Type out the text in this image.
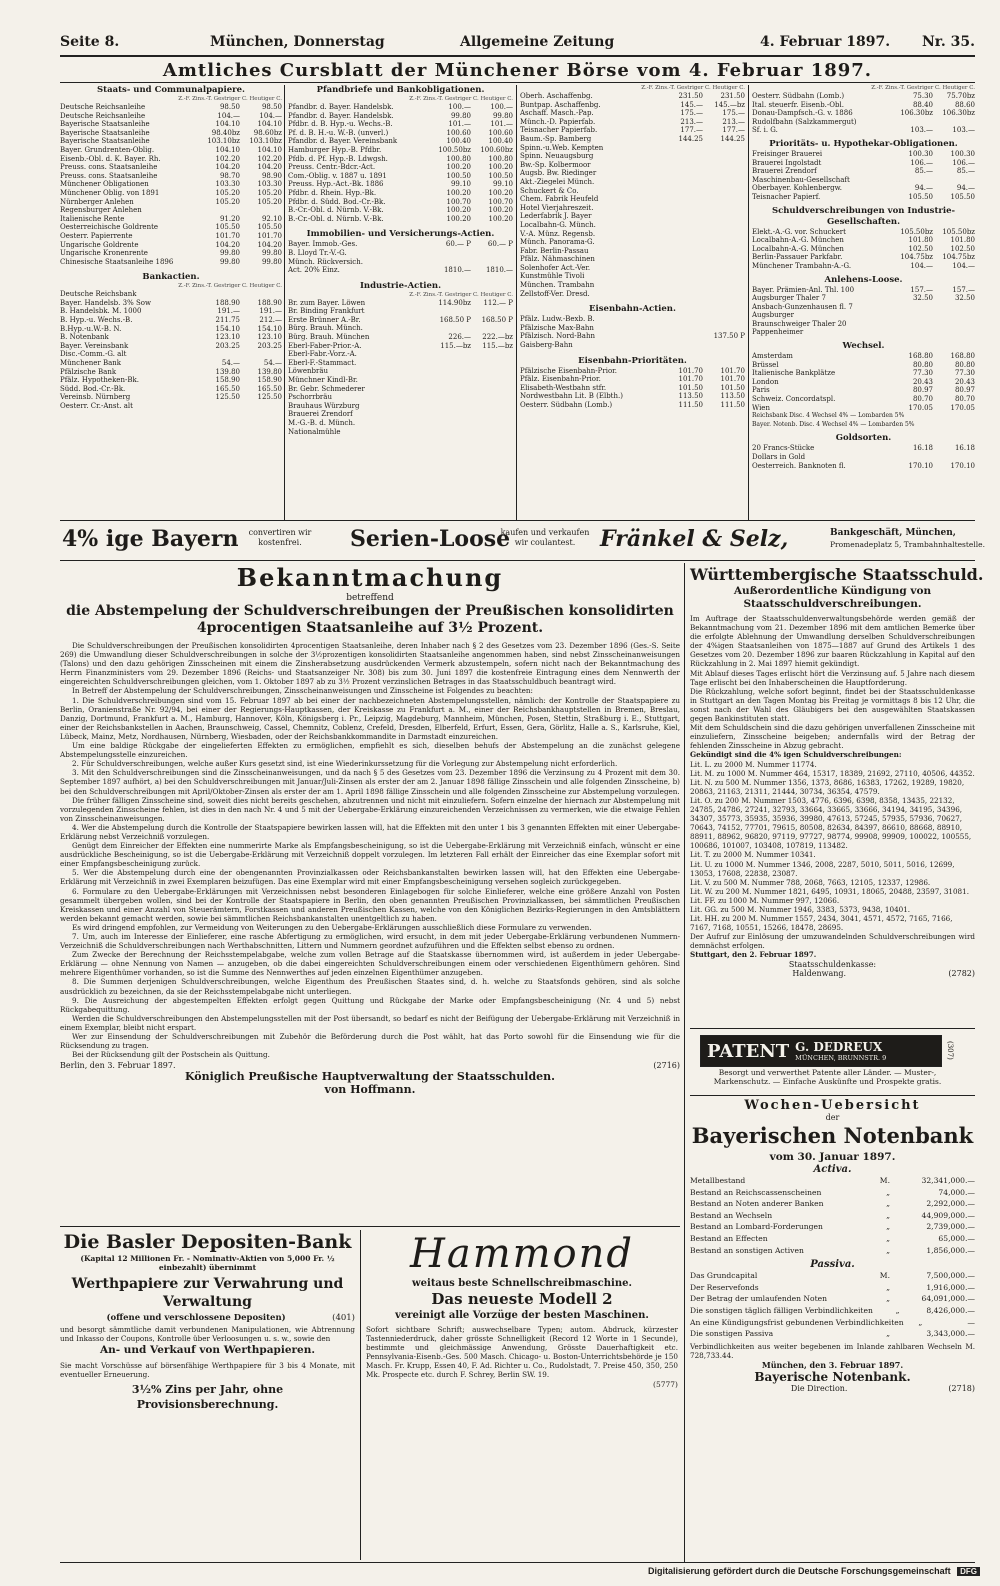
Seite 8.	München, Donnerstag	Allgemeine Zeitung	4. Februar 1897. Nr. 35.
Amtliches Cursblatt der Münchener Börse vom 4. Februar 1897.
Staats- und Communalpapiere.
Z.-F. Zins.-T. Gestriger C. Heutiger C.
Deutsche Reichsanleihe	98.50	98.50
Deutsche Reichsanleihe	104.—	104.—
Bayerische Staatsanleihe	104.10	104.10
Bayerische Staatsanleihe	98.40bz	98.60bz
Bayerische Staatsanleihe	103.10bz	103.10bz
Bayer. Grundrenten-Oblig.	104.10	104.10
Eisenb.-Obl. d. K. Bayer. Rh.	102.20	102.20
Preuss. cons. Staatsanleihe	104.20	104.20
Preuss. cons. Staatsanleihe	98.70	98.90
Münchener Obligationen	103.30	103.30
Münchener Oblig. von 1891	105.20	105.20
Nürnberger Anlehen	105.20	105.20
Regensburger Anlehen
Italienische Rente	91.20	92.10
Oesterreichische Goldrente	105.50	105.50
Oesterr. Papierrente	101.70	101.70
Ungarische Goldrente	104.20	104.20
Ungarische Kronenrente	99.80	99.80
Chinesische Staatsanleihe 1896	99.80	99.80
Bankactien.
Z.-F. Zins.-T. Gestriger C. Heutiger C.
Deutsche Reichsbank
Bayer. Handelsb. 3% Sow	188.90	188.90
B. Handelsbk. M. 1000	191.—	191.—
B. Hyp.-u. Wechs.-B.	211.75	212.—
B.Hyp.-u.W.-B. N.	154.10	154.10
B. Notenbank	123.10	123.10
Bayer. Vereinsbank	203.25	203.25
Disc.-Comm.-G. alt
Münchener Bank	54.—	54.—
Pfälzische Bank	139.80	139.80
Pfälz. Hypotheken-Bk.	158.90	158.90
Südd. Bod.-Cr.-Bk.	165.50	165.50
Vereinsb. Nürnberg	125.50	125.50
Oesterr. Cr.-Anst. alt
Pfandbriefe und Bankobligationen.
Z.-F. Zins.-T. Gestriger C. Heutiger C.
Pfandbr. d. Bayer. Handelsbk.	100.—	100.—
Pfandbr. d. Bayer. Handelsbk.	99.80	99.80
Pfdbr. d. B. Hyp.-u. Wechs.-B.	101.—	101.—
Pf. d. B. H.-u. W.-B. (unverl.)	100.60	100.60
Pfandbr. d. Bayer. Vereinsbank	100.40	100.40
Hamburger Hyp.-B. Pfdbr.	100.50bz	100.60bz
Pfdb. d. Pf. Hyp.-B. Ldwgsh.	100.80	100.80
Preuss. Centr.-Bdcr.-Act.	100.20	100.20
Com.-Oblig. v. 1887 u. 1891	100.50	100.50
Preuss. Hyp.-Act.-Bk. 1886	99.10	99.10
Pfdbr. d. Rhein. Hyp.-Bk.	100.20	100.20
Pfdbr. d. Südd. Bod.-Cr.-Bk.	100.70	100.70
B.-Cr.-Obl. d. Nürnb. V.-Bk.	100.20	100.20
B.-Cr.-Obl. d. Nürnb. V.-Bk.	100.20	100.20
Immobilien- und Versicherungs-Actien.
Bayer. Immob.-Ges.	60.— P	60.— P
B. Lloyd Tr.-V.-G.
Münch. Rückversich.
Act. 20% Einz.	1810.—	1810.—
Industrie-Actien.
Z.-F. Zins.-T. Gestriger C. Heutiger C.
Br. zum Bayer. Löwen	114.90bz	112.— P
Br. Binding Frankfurt
Erste Brünner A.-Br.	168.50 P	168.50 P
Bürg. Brauh. Münch.
Bürg. Brauh. München	226.—	222.—bz
Eberl-Faber-Prior.-A.	115.—bz	115.—bz
Eberl-Fabr.-Vorz.-A.
Eberl-F.-Stammact.
Löwenbräu
Münchner Kindl-Br.
Br. Gebr. Schmederer
Pschorrbräu
Brauhaus Würzburg
Brauerei Zrendorf
M.-G.-B. d. Münch.
Nationalmühle
Z.-F. Zins.-T. Gestriger C. Heutiger C.
Oberh. Aschaffenbg.	231.50	231.50
Buntpap. Aschaffenbg.	145.—	145.—bz
Aschaff. Masch.-Pap.	175.—	175.—
Münch.-D. Papierfab.	213.—	213.—
Teisnacher Papierfab.	177.—	177.—
Baum.-Sp. Bamberg	144.25	144.25
Spinn.-u.Web. Kempten
Spinn. Neuaugsburg
Bw.-Sp. Kolbermoor
Augsb. Bw. Riedinger
Akt.-Ziegelei Münch.
Schuckert & Co.
Chem. Fabrik Heufeld
Hotel Vierjahreszeit.
Lederfabrik J. Bayer
Localbahn-G. Münch.
V.-A. Münz. Regensb.
Münch. Panorama-G.
Fabr. Berlin-Passau
Pfälz. Nähmaschinen
Solenhofer Act.-Ver.
Kunstmühle Tivoli
München. Trambahn
Zellstoff-Ver. Dresd.
Eisenbahn-Actien.
Pfälz. Ludw.-Bexb. B.
Pfälzische Max-Bahn
Pfälzisch. Nord-Bahn	137.50 P
Gaisberg-Bahn
Eisenbahn-Prioritäten.
Pfälzische Eisenbahn-Prior.	101.70	101.70
Pfälz. Eisenbahn-Prior.	101.70	101.70
Elisabeth-Westbahn stfr.	101.50	101.50
Nordwestbahn Lit. B (Elbth.)	113.50	113.50
Oesterr. Südbahn (Lomb.)	111.50	111.50
Z.-F. Zins.-T. Gestriger C. Heutiger C.
Oesterr. Südbahn (Lomb.)	75.30	75.70bz
Ital. steuerfr. Eisenb.-Obl.	88.40	88.60
Donau-Dampfsch.-G. v. 1886	106.30bz	106.30bz
Rudolfbahn (Salzkammergut)
Sf. i. G.	103.—	103.—
Prioritäts- u. Hypothekar-Obligationen.
Freisinger Brauerei	100.30	100.30
Brauerei Ingolstadt	106.—	106.—
Brauerei Zrendorf	85.—	85.—
Maschinenbau-Gesellschaft
Oberbayer. Kohlenbergw.	94.—	94.—
Teisnacher Papierf.	105.50	105.50
Schuldverschreibungen von Industrie-Gesellschaften.
Elekt.-A.-G. vor. Schuckert	105.50bz	105.50bz
Localbahn-A.-G. München	101.80	101.80
Localbahn-A.-G. München	102.50	102.50
Berlin-Passauer Parkfabr.	104.75bz	104.75bz
Münchener Trambahn-A.-G.	104.—	104.—
Anlehens-Loose.
Bayer. Prämien-Anl. Thl. 100	157.—	157.—
Augsburger Thaler 7	32.50	32.50
Ansbach-Gunzenhausen fl. 7
Augsburger
Braunschweiger Thaler 20
Pappenheimer
Wechsel.
Amsterdam	168.80	168.80
Brüssel	80.80	80.80
Italienische Bankplätze	77.30	77.30
London	20.43	20.43
Paris	80.97	80.97
Schweiz. Concordatspl.	80.70	80.70
Wien	170.05	170.05
Reichsbank Disc. 4 Wechsel 4% — Lombarden 5%
Bayer. Notenb. Disc. 4 Wechsel 4% — Lombarden 5%
Goldsorten.
20 Francs-Stücke	16.18	16.18
Dollars in Gold
Oesterreich. Banknoten fl.	170.10	170.10
4% ige Bayern	convertiren wir kostenfrei.	Serien-Loose
kaufen und verkaufen wir coulantest.	Fränkel & Selz,	Bankgeschäft, München,
Promenadeplatz 5, Trambahnhaltestelle.
Bekanntmachung
betreffend
die Abstempelung der Schuldverschreibungen der Preußischen konsolidirten
4procentigen Staatsanleihe auf 3½ Prozent.
Die Schuldverschreibungen der Preußischen konsolidirten 4procentigen Staatsanleihe, deren Inhaber nach § 2 des Gesetzes vom 23. Dezember 1896 (Ges.-S. Seite 269) die Umwandlung dieser Schuldverschreibungen in solche der 3½prozentigen konsolidirten Staatsanleihe angenommen haben, sind nebst Zinsscheinanweisungen (Talons) und den dazu gehörigen Zinsscheinen mit einem die Zinsherabsetzung ausdrückenden Vermerk abzustempeln, sofern nicht nach der Bekanntmachung des Herrn Finanzministers vom 29. Dezember 1896 (Reichs- und Staatsanzeiger Nr. 308) bis zum 30. Juni 1897 die kostenfreie Eintragung eines dem Nennwerth der eingereichten Schuldverschreibungen gleichen, vom 1. Oktober 1897 ab zu 3½ Prozent verzinslichen Betrages in das Staatsschuldbuch beantragt wird.
In Betreff der Abstempelung der Schuldverschreibungen, Zinsscheinanweisungen und Zinsscheine ist Folgendes zu beachten:
1. Die Schuldverschreibungen sind vom 15. Februar 1897 ab bei einer der nachbezeichneten Abstempelungsstellen, nämlich: der Kontrolle der Staatspapiere zu Berlin, Oranienstraße Nr. 92/94, bei einer der Regierungs-Hauptkassen, der Kreiskasse zu Frankfurt a. M., einer der Reichsbankhauptstellen in Bremen, Breslau, Danzig, Dortmund, Frankfurt a. M., Hamburg, Hannover, Köln, Königsberg i. Pr., Leipzig, Magdeburg, Mannheim, München, Posen, Stettin, Straßburg i. E., Stuttgart, einer der Reichsbankstellen in Aachen, Braunschweig, Cassel, Chemnitz, Coblenz, Crefeld, Dresden, Elberfeld, Erfurt, Essen, Gera, Görlitz, Halle a. S., Karlsruhe, Kiel, Lübeck, Mainz, Metz, Nordhausen, Nürnberg, Wiesbaden, oder der Reichsbankkommandite in Darmstadt einzureichen.
Um eine baldige Rückgabe der eingelieferten Effekten zu ermöglichen, empfiehlt es sich, dieselben behufs der Abstempelung an die zunächst gelegene Abstempelungsstelle einzureichen.
2. Für Schuldverschreibungen, welche außer Kurs gesetzt sind, ist eine Wiederinkurssetzung für die Vorlegung zur Abstempelung nicht erforderlich.
3. Mit den Schuldverschreibungen sind die Zinsscheinanweisungen, und da nach § 5 des Gesetzes vom 23. Dezember 1896 die Verzinsung zu 4 Prozent mit dem 30. September 1897 aufhört, a) bei den Schuldverschreibungen mit Januar/Juli-Zinsen als erster der am 2. Januar 1898 fällige Zinsschein und alle folgenden Zinsscheine, b) bei den Schuldverschreibungen mit April/Oktober-Zinsen als erster der am 1. April 1898 fällige Zinsschein und alle folgenden Zinsscheine zur Abstempelung vorzulegen.
Die früher fälligen Zinsscheine sind, soweit dies nicht bereits geschehen, abzutrennen und nicht mit einzuliefern. Sofern einzelne der hiernach zur Abstempelung mit vorzulegenden Zinsscheine fehlen, ist dies in den nach Nr. 4 und 5 mit der Uebergabe-Erklärung einzureichenden Verzeichnissen zu vermerken, wie die etwaige Fehlen von Zinsscheinanweisungen.
4. Wer die Abstempelung durch die Kontrolle der Staatspapiere bewirken lassen will, hat die Effekten mit den unter 1 bis 3 genannten Effekten mit einer Uebergabe-Erklärung nebst Verzeichniß vorzulegen.
Genügt dem Einreicher der Effekten eine nummerirte Marke als Empfangsbescheinigung, so ist die Uebergabe-Erklärung mit Verzeichniß einfach, wünscht er eine ausdrückliche Bescheinigung, so ist die Uebergabe-Erklärung mit Verzeichniß doppelt vorzulegen. Im letzteren Fall erhält der Einreicher das eine Exemplar sofort mit einer Empfangsbescheinigung zurück.
5. Wer die Abstempelung durch eine der obengenannten Provinzialkassen oder Reichsbankanstalten bewirken lassen will, hat den Effekten eine Uebergabe-Erklärung mit Verzeichniß in zwei Exemplaren beizufügen. Das eine Exemplar wird mit einer Empfangsbescheinigung versehen sogleich zurückgegeben.
6. Formulare zu den Uebergabe-Erklärungen mit Verzeichnissen nebst besonderen Einlagebogen für solche Einlieferer, welche eine größere Anzahl von Posten gesammelt übergeben wollen, sind bei der Kontrolle der Staatspapiere in Berlin, den oben genannten Preußischen Provinzialkassen, bei sämmtlichen Preußischen Kreiskassen und einer Anzahl von Steuerämtern, Forstkassen und anderen Preußischen Kassen, welche von den Königlichen Bezirks-Regierungen in den Amtsblättern werden bekannt gemacht werden, sowie bei sämmtlichen Reichsbankanstalten unentgeltlich zu haben.
Es wird dringend empfohlen, zur Vermeidung von Weiterungen zu den Uebergabe-Erklärungen ausschließlich diese Formulare zu verwenden.
7. Um, auch im Interesse der Einlieferer, eine rasche Abfertigung zu ermöglichen, wird ersucht, in dem mit jeder Uebergabe-Erklärung verbundenen Nummern-Verzeichniß die Schuldverschreibungen nach Werthabschnitten, Littern und Nummern geordnet aufzuführen und die Effekten selbst ebenso zu ordnen.
Zum Zwecke der Berechnung der Reichsstempelabgabe, welche zum vollen Betrage auf die Staatskasse übernommen wird, ist außerdem in jeder Uebergabe-Erklärung — ohne Nennung von Namen — anzugeben, ob die dabei eingereichten Schuldverschreibungen einem oder verschiedenen Eigenthümern gehören. Sind mehrere Eigenthümer vorhanden, so ist die Summe des Nennwerthes auf jeden einzelnen Eigenthümer anzugeben.
8. Die Summen derjenigen Schuldverschreibungen, welche Eigenthum des Preußischen Staates sind, d. h. welche zu Staatsfonds gehören, sind als solche ausdrücklich zu bezeichnen, da sie der Reichsstempelabgabe nicht unterliegen.
9. Die Ausreichung der abgestempelten Effekten erfolgt gegen Quittung und Rückgabe der Marke oder Empfangsbescheinigung (Nr. 4 und 5) nebst Rückgabequittung.
Werden die Schuldverschreibungen den Abstempelungsstellen mit der Post übersandt, so bedarf es nicht der Beifügung der Uebergabe-Erklärung mit Verzeichniß in einem Exemplar, bleibt nicht erspart.
Wer zur Einsendung der Schuldverschreibungen mit Zubehör die Beförderung durch die Post wählt, hat das Porto sowohl für die Einsendung wie für die Rücksendung zu tragen.
Bei der Rücksendung gilt der Postschein als Quittung.
Berlin, den 3. Februar 1897.	(2716)
Königlich Preußische Hauptverwaltung der Staatsschulden.
von Hoffmann.
Württembergische Staatsschuld.
Außerordentliche Kündigung von Staatsschuldverschreibungen.
Im Auftrage der Staatsschuldenverwaltungsbehörde werden gemäß der Bekanntmachung vom 21. Dezember 1896 mit dem amtlichen Bemerke über die erfolgte Ablehnung der Umwandlung derselben Schuldverschreibungen der 4%igen Staatsanleihen von 1875—1887 auf Grund des Artikels 1 des Gesetzes vom 20. Dezember 1896 zur baaren Rückzahlung in Kapital auf den Rückzahlung in 2. Mai 1897 hiemit gekündigt.
Mit Ablauf dieses Tages erlischt hört die Verzinsung auf. 5 Jahre nach diesem Tage erlischt bei den Inhaberscheinen die Hauptforderung.
Die Rückzahlung, welche sofort beginnt, findet bei der Staatsschuldenkasse in Stuttgart an den Tagen Montag bis Freitag je vormittags 8 bis 12 Uhr, die sonst nach der Wahl des Gläubigers bei den ausgewählten Staatskassen gegen Bankinstituten statt.
Mit dem Schuldschein sind die dazu gehörigen unverfallenen Zinsscheine mit einzuliefern, Zinsscheine beigeben; andernfalls wird der Betrag der fehlenden Zinsscheine in Abzug gebracht.
Gekündigt sind die 4% igen Schuldverschreibungen:
Lit. L. zu 2000 M. Nummer 11774.
Lit. M. zu 1000 M. Nummer 464, 15317, 18389, 21692, 27110, 40506, 44352.
Lit. N. zu 500 M. Nummer 1356, 1373, 8686, 16383, 17262, 19289, 19820, 20863, 21163, 21311, 21444, 30734, 36354, 47579.
Lit. O. zu 200 M. Nummer 1503, 4776, 6396, 6398, 8358, 13435, 22132, 24785, 24786, 27241, 32793, 33664, 33665, 33666, 34194, 34195, 34396, 34307, 35773, 35935, 35936, 39980, 47613, 57245, 57935, 57936, 70627, 70643, 74152, 77701, 79615, 80508, 82634, 84397, 86610, 88668, 88910, 88911, 88962, 96820, 97119, 97727, 98774, 99908, 99909, 100022, 100555, 100686, 101007, 103408, 107819, 113482.
Lit. T. zu 2000 M. Nummer 10341.
Lit. U. zu 1000 M. Nummer 1346, 2008, 2287, 5010, 5011, 5016, 12699, 13053, 17608, 22838, 23087.
Lit. V. zu 500 M. Nummer 788, 2068, 7663, 12105, 12337, 12986.
Lit. W. zu 200 M. Nummer 1821, 6495, 10931, 18065, 20488, 23597, 31081.
Lit. FF. zu 1000 M. Nummer 997, 12066.
Lit. GG. zu 500 M. Nummer 1946, 3383, 5373, 9438, 10401.
Lit. HH. zu 200 M. Nummer 1557, 2434, 3041, 4571, 4572, 7165, 7166, 7167, 7168, 10551, 15266, 18478, 28695.
Der Aufruf zur Einlösung der umzuwandelnden Schuldverschreibungen wird demnächst erfolgen.
Stuttgart, den 2. Februar 1897.
Staatsschuldenkasse:
Haldenwang.	(2782)
PATENT G. DEDREUX
MÜNCHEN, BRUNNSTR. 9	(307)
Besorgt und verwerthet Patente aller Länder. — Muster-, Markenschutz. — Einfache Auskünfte und Prospekte gratis.
Wochen-Uebersicht
der
Bayerischen Notenbank
vom 30. Januar 1897.
Activa.
Metallbestand	M.	32,341,000.—
Bestand an Reichscassenscheinen	„	74,000.—
Bestand an Noten anderer Banken	„	2,292,000.—
Bestand an Wechseln	„	44,909,000.—
Bestand an Lombard-Forderungen	„	2,739,000.—
Bestand an Effecten	„	65,000.—
Bestand an sonstigen Activen	„	1,856,000.—
Passiva.
Das Grundcapital	M.	7,500,000.—
Der Reservefonds	„	1,916,000.—
Der Betrag der umlaufenden Noten	„	64,091,000.—
Die sonstigen täglich fälligen Verbindlichkeiten	„	8,426,000.—
An eine Kündigungsfrist gebundenen Verbindlichkeiten	„	—
Die sonstigen Passiva	„	3,343,000.—
Verbindlichkeiten aus weiter begebenen im Inlande zahlbaren Wechseln M. 728,733.44.
München, den 3. Februar 1897.
Bayerische Notenbank.
Die Direction.	(2718)
Die Basler Depositen-Bank
(Kapital 12 Millionen Fr. - Nominativ-Aktien von 5,000 Fr. ½ einbezahlt) übernimmt
Werthpapiere zur Verwahrung und Verwaltung
(offene und verschlossene Depositen)	(401)
und besorgt sämmtliche damit verbundenen Manipulationen, wie Abtrennung und Inkasso der Coupons, Kontrolle über Verloosungen u. s. w., sowie den
An- und Verkauf von Werthpapieren.
Sie macht Vorschüsse auf börsenfähige Werthpapiere für 3 bis 4 Monate, mit eventueller Erneuerung.
3½% Zins per Jahr, ohne Provisionsberechnung.
Hammond
weitaus beste Schnellschreibmaschine.
Das neueste Modell 2
vereinigt alle Vorzüge der besten Maschinen.
Sofort sichtbare Schrift; auswechselbare Typen; autom. Abdruck, kürzester Tastenniederdruck, daher grösste Schnelligkeit (Record 12 Worte in 1 Secunde), bestimmte und gleichmässige Anwendung, Grösste Dauerhaftigkeit etc. Pennsylvania-Eisenb.-Ges. 500 Masch. Chicago- u. Boston-Unterrichtsbehörde je 150 Masch. Fr. Krupp, Essen 40, F. Ad. Richter u. Co., Rudolstadt, 7. Preise 450, 350, 250 Mk. Prospecte etc. durch F. Schrey, Berlin SW. 19.
(5777)
Digitalisierung gefördert durch die Deutsche Forschungsgemeinschaft DFG
